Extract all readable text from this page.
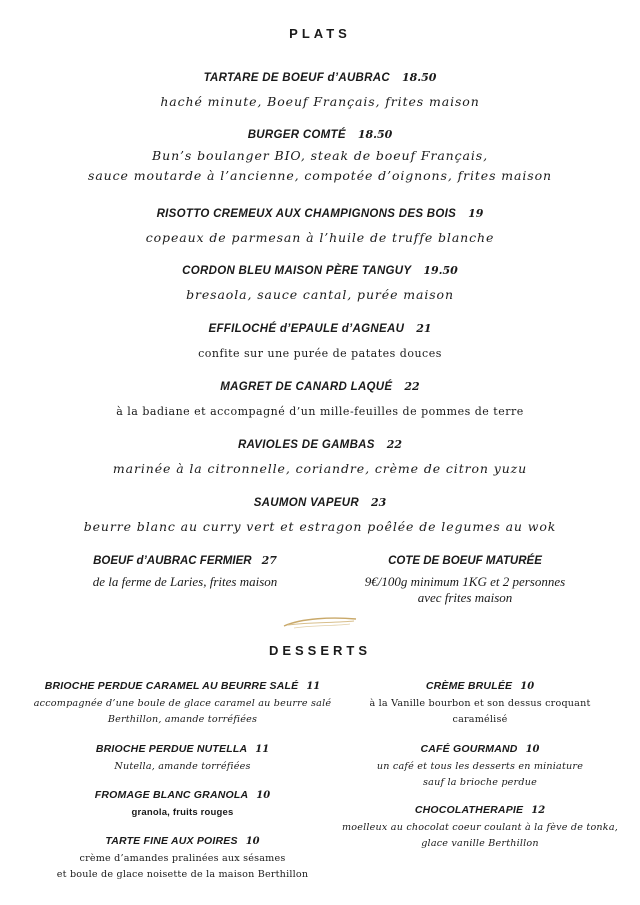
PLATS
TARTARE DE BOEUF d’AUBRAC 18.50
haché minute, Boeuf Français, frites maison
BURGER COMTÉ 18.50
Bun’s boulanger BIO, steak de boeuf Français,
sauce moutarde à l’ancienne, compotée d’oignons, frites maison
RISOTTO CREMEUX AUX CHAMPIGNONS DES BOIS 19
copeaux de parmesan à l’huile de truffe blanche
CORDON BLEU MAISON PÈRE TANGUY 19.50
bresaola, sauce cantal, purée maison
EFFILOCHÉ d’EPAULE d’AGNEAU 21
confite sur une purée de patates douces
MAGRET DE CANARD LAQUÉ 22
à la badiane et accompagné d’un mille-feuilles de pommes de terre
RAVIOLES DE GAMBAS 22
marinée à la citronnelle, coriandre, crème de citron yuzu
SAUMON VAPEUR 23
beurre blanc au curry vert et estragon poêlée de legumes au wok
BOEUF d’AUBRAC FERMIER 27
de la ferme de Laries, frites maison
COTE DE BOEUF MATURÉE
9€/100g minimum 1KG et 2 personnes
avec frites maison
DESSERTS
BRIOCHE PERDUE CARAMEL AU BEURRE SALÉ 11
accompagnée d’une boule de glace caramel au beurre salé
Berthillon, amande torréfiées
BRIOCHE PERDUE NUTELLA 11
Nutella, amande torréfiées
FROMAGE BLANC GRANOLA 10
granola, fruits rouges
TARTE FINE AUX POIRES 10
crème d’amandes pralinées aux sésames
et boule de glace noisette de la maison Berthillon
CRÈME BRULÉE 10
à la Vanille bourbon et son dessus croquant
caramélisé
CAFÉ GOURMAND 10
un café et tous les desserts en miniature
sauf la brioche perdue
CHOCOLATHERAPIE 12
moelleux au chocolat coeur coulant à la fève de tonka,
glace vanille Berthillon
